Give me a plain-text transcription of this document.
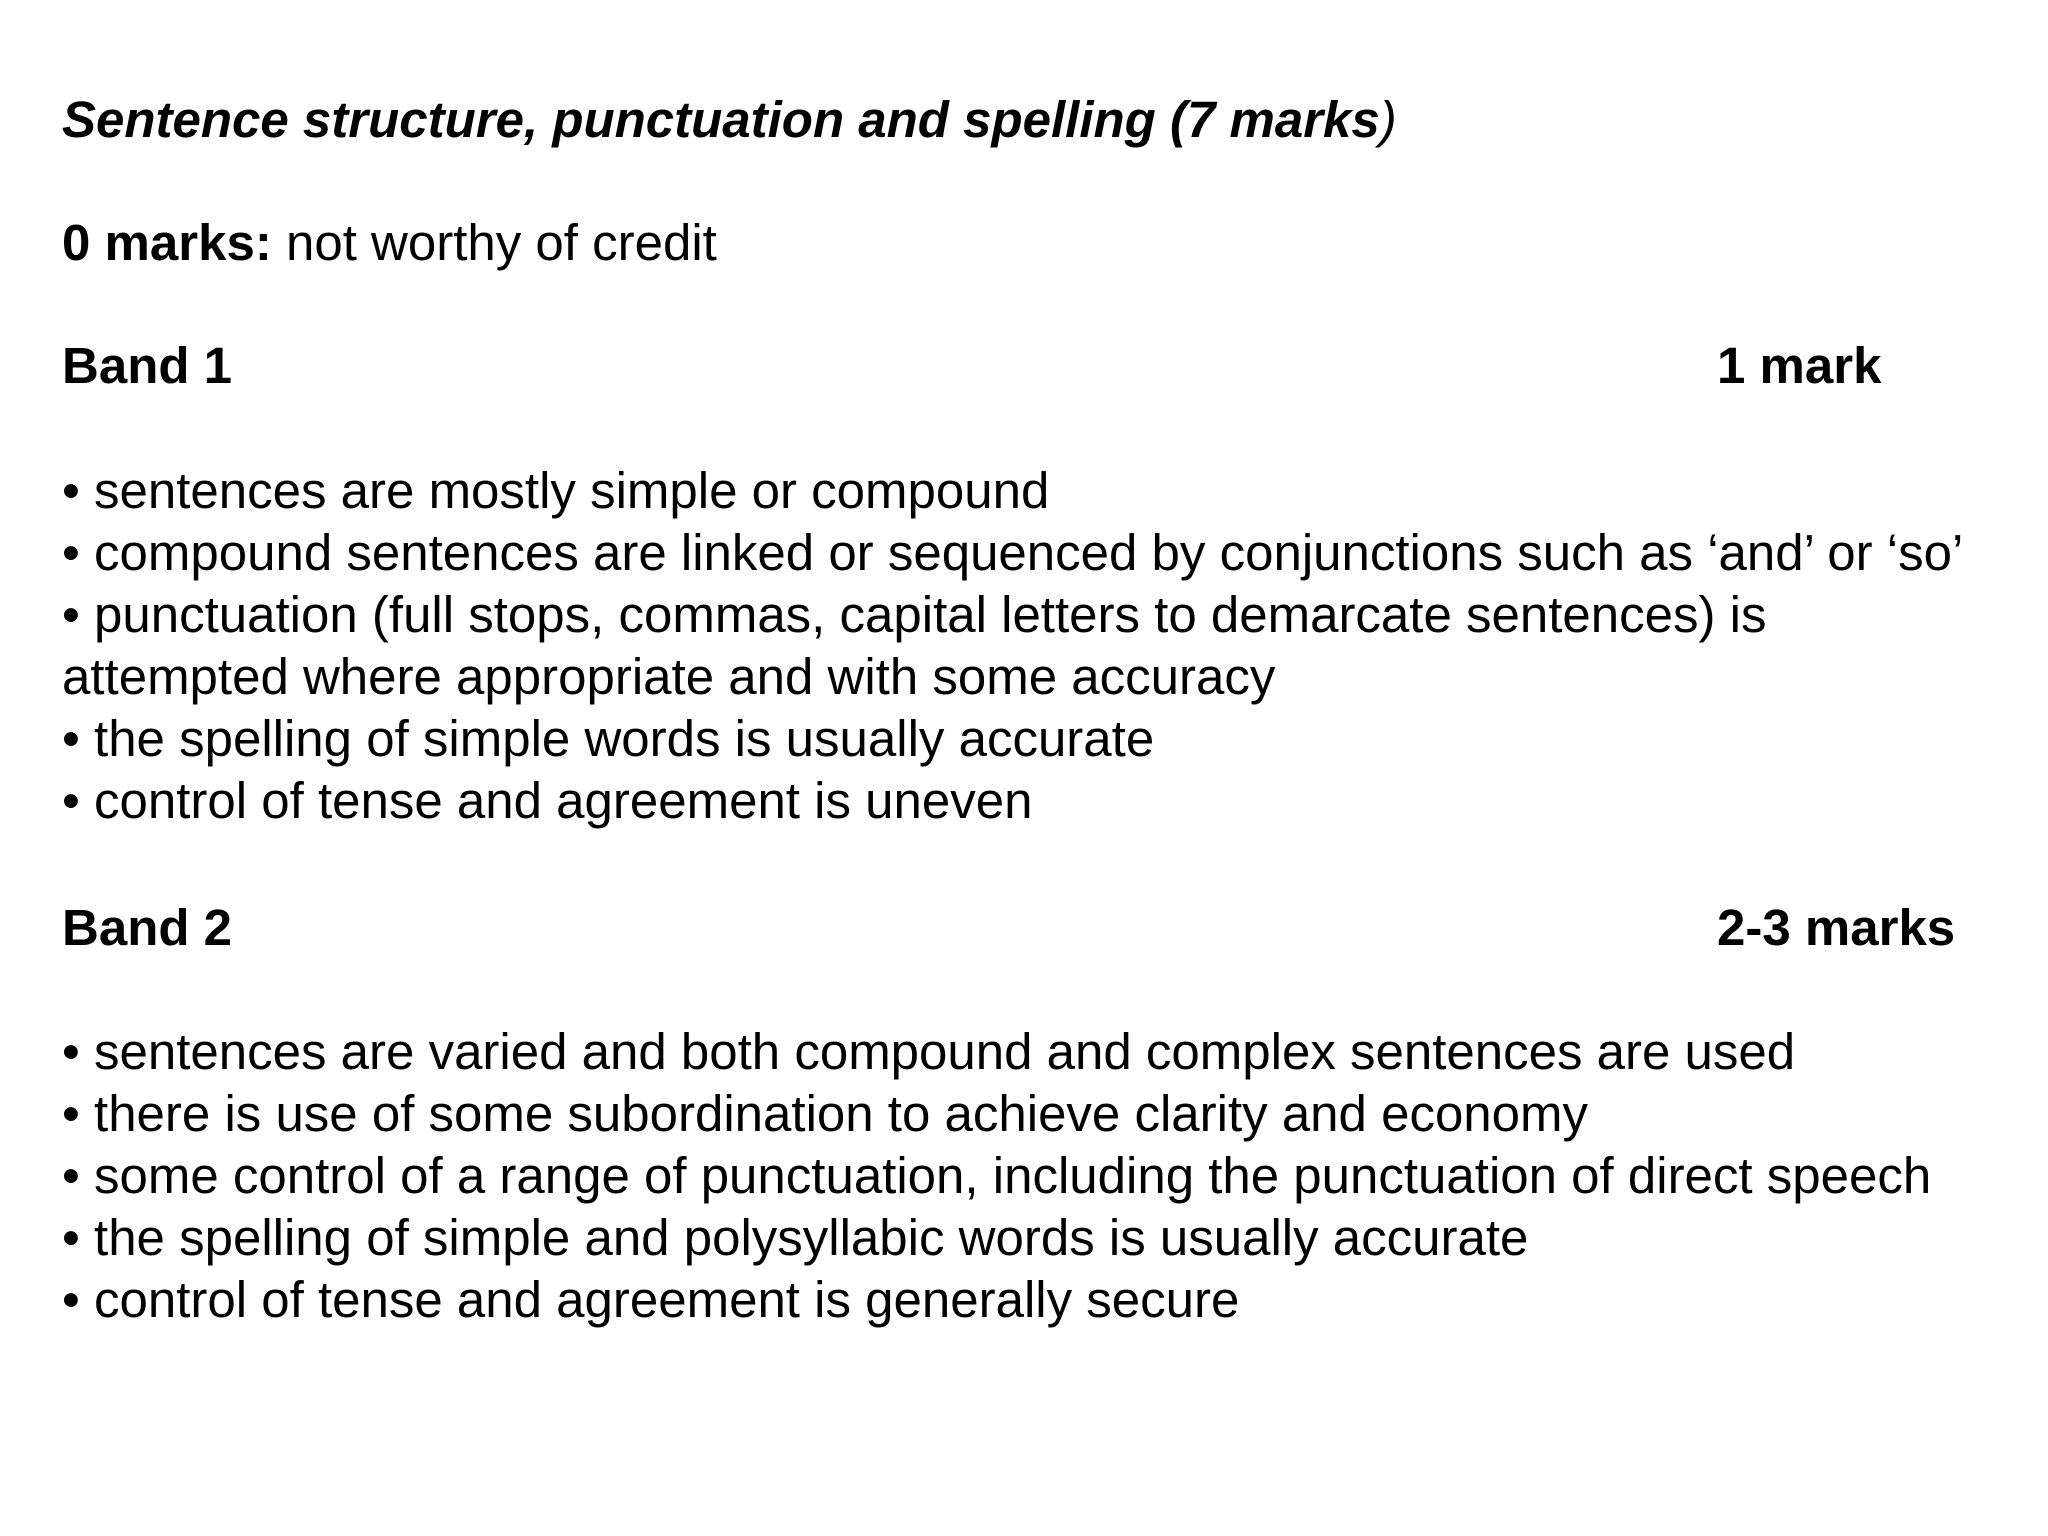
Sentence structure, punctuation and spelling (7 marks)
0 marks: not worthy of credit
Band 1	1 mark
• sentences are mostly simple or compound
• compound sentences are linked or sequenced by conjunctions such as ‘and’ or ‘so’
• punctuation (full stops, commas, capital letters to demarcate sentences) is
attempted where appropriate and with some accuracy
• the spelling of simple words is usually accurate
• control of tense and agreement is uneven
Band 2	2-3 marks
• sentences are varied and both compound and complex sentences are used
• there is use of some subordination to achieve clarity and economy
• some control of a range of punctuation, including the punctuation of direct speech
• the spelling of simple and polysyllabic words is usually accurate
• control of tense and agreement is generally secure
